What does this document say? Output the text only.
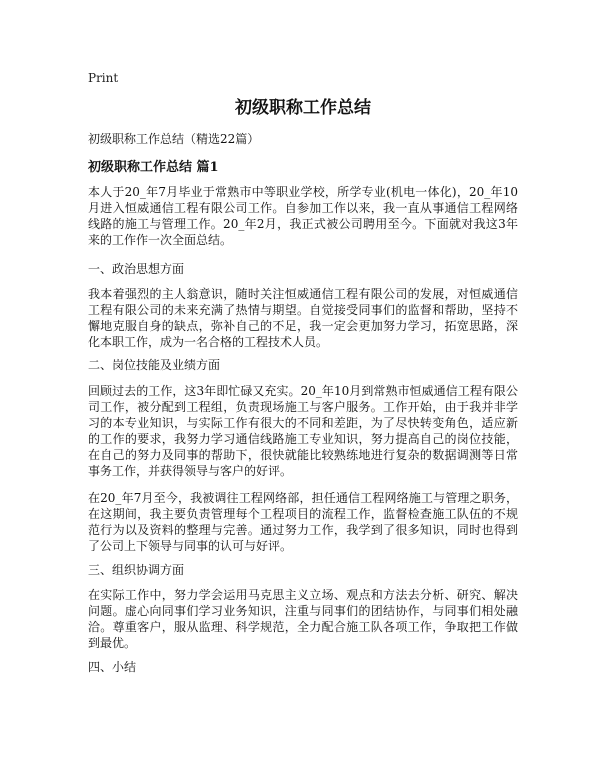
Print
初级职称工作总结
初级职称工作总结（精选22篇）
初级职称工作总结 篇1

本人于20_年7月毕业于常熟市中等职业学校，所学专业(机电一体化)，20_年10月进入恒威通信工程有限公司工作。自参加工作以来，我一直从事通信工程网络线路的施工与管理工作。20_年2月，我正式被公司聘用至今。下面就对我这3年来的工作作一次全面总结。

一、政治思想方面

我本着强烈的主人翁意识，随时关注恒威通信工程有限公司的发展，对恒威通信工程有限公司的未来充满了热情与期望。自觉接受同事们的监督和帮助，坚持不懈地克服自身的缺点，弥补自己的不足，我一定会更加努力学习，拓宽思路，深化本职工作，成为一名合格的工程技术人员。

二、岗位技能及业绩方面

回顾过去的工作，这3年即忙碌又充实。20_年10月到常熟市恒威通信工程有限公司工作，被分配到工程组，负责现场施工与客户服务。工作开始，由于我并非学习的本专业知识，与实际工作有很大的不同和差距，为了尽快转变角色，适应新的工作的要求，我努力学习通信线路施工专业知识，努力提高自己的岗位技能，在自己的努力及同事的帮助下，很快就能比较熟练地进行复杂的数据调测等日常事务工作，并获得领导与客户的好评。

在20_年7月至今，我被调往工程网络部，担任通信工程网络施工与管理之职务，在这期间，我主要负责管理每个工程项目的流程工作，监督检查施工队伍的不规范行为以及资料的整理与完善。通过努力工作，我学到了很多知识，同时也得到了公司上下领导与同事的认可与好评。

三、组织协调方面

在实际工作中，努力学会运用马克思主义立场、观点和方法去分析、研究、解决问题。虚心向同事们学习业务知识，注重与同事们的团结协作，与同事们相处融洽。尊重客户，服从监理、科学规范，全力配合施工队各项工作，争取把工作做到最优。

四、小结
